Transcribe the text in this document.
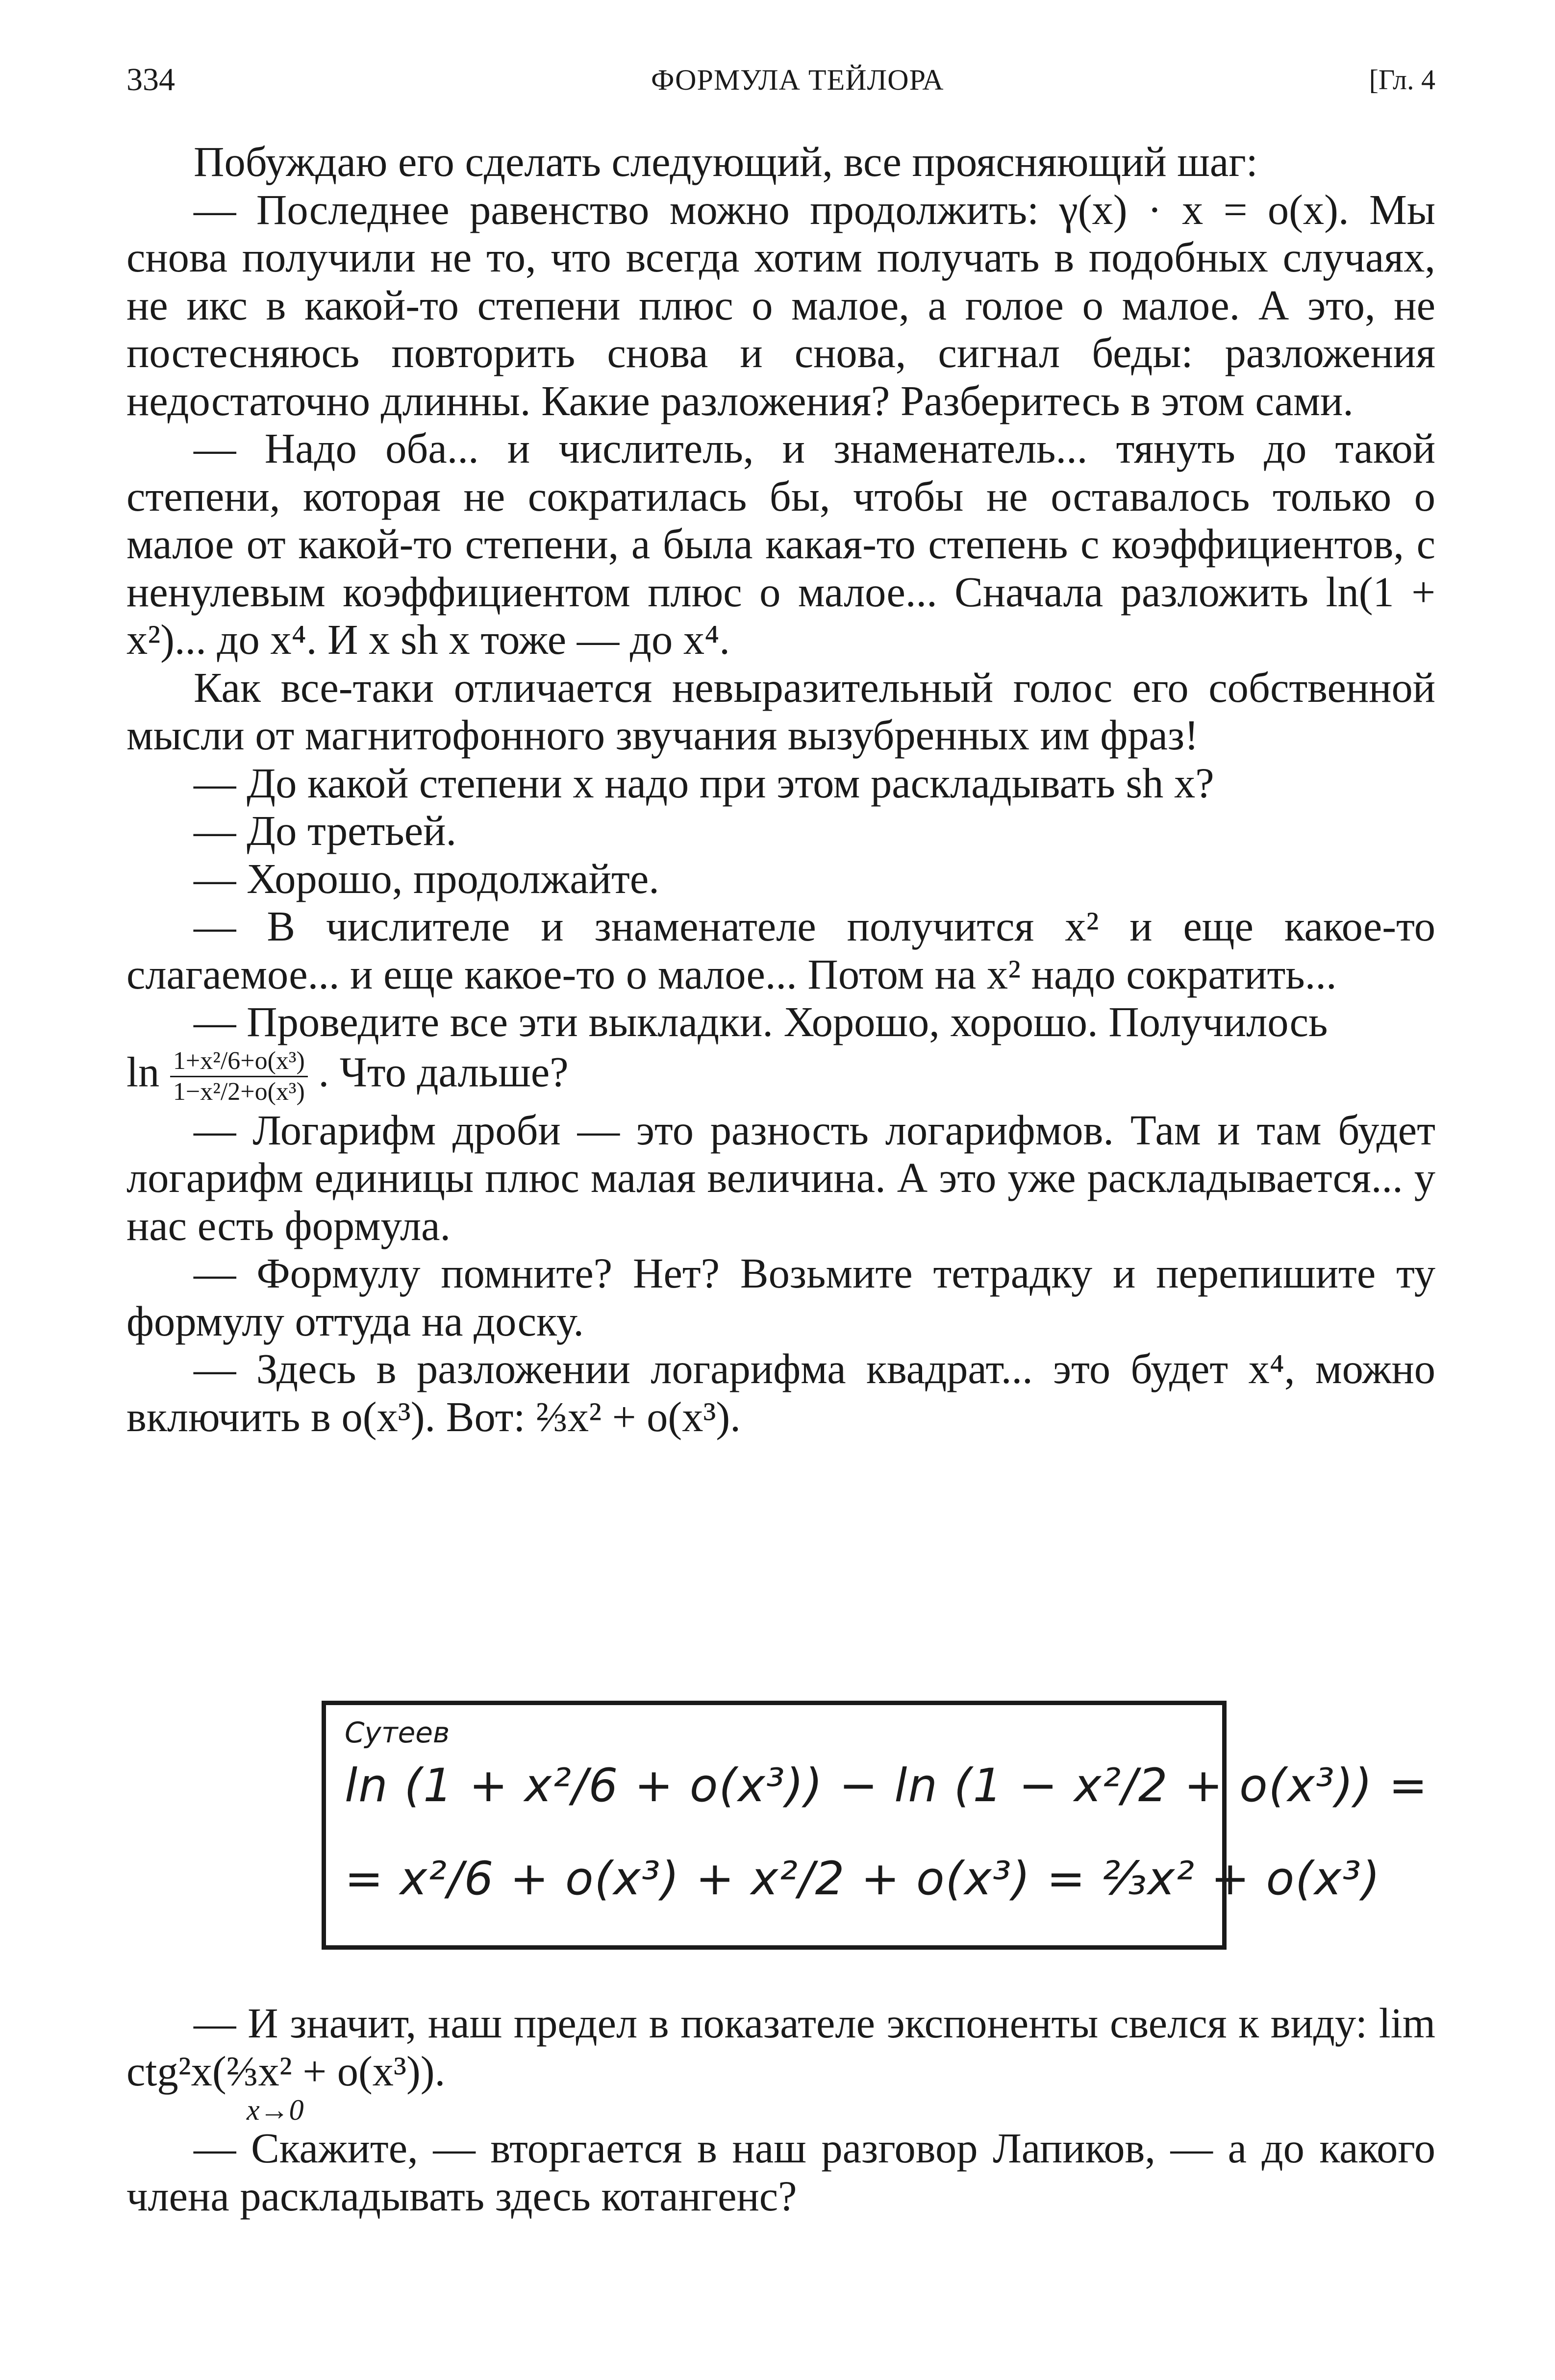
334	ФОРМУЛА ТЕЙЛОРА	[Гл. 4

Побуждаю его сделать следующий, все проясняющий шаг:

— Последнее равенство можно продолжить: γ(x) · x = o(x). Мы снова получили не то, что всегда хотим получать в подобных случаях, не икс в какой-то степени плюс o малое, а голое o малое. А это, не постесняюсь повторить снова и снова, сигнал беды: разложения недостаточно длинны. Какие разложения? Разберитесь в этом сами.

— Надо оба... и числитель, и знаменатель... тянуть до такой степени, которая не сократилась бы, чтобы не оставалось только o малое от какой-то степени, а была какая-то степень с коэффициентов, с ненулевым коэффициентом плюс o малое... Сначала разложить ln(1 + x²)... до x⁴. И x sh x тоже — до x⁴.

Как все-таки отличается невыразительный голос его собственной мысли от магнитофонного звучания вызубренных им фраз!

— До какой степени x надо при этом раскладывать sh x?

— До третьей.

— Хорошо, продолжайте.

— В числителе и знаменателе получится x² и еще какое-то слагаемое... и еще какое-то o малое... Потом на x² надо сократить...

— Проведите все эти выкладки. Хорошо, хорошо. Получилось

$\ln \frac{\text{1+x²/6+o(x³)}}{\text{1−x²/2+o(x³)}}$ . Что дальше?

— Логарифм дроби — это разность логарифмов. Там и там будет логарифм единицы плюс малая величина. А это уже раскладывается... у нас есть формула.

— Формулу помните? Нет? Возьмите тетрадку и перепишите ту формулу оттуда на доску.

— Здесь в разложении логарифма квадрат... это будет x⁴, можно включить в o(x³). Вот: ⅔x² + o(x³).

Сутеев
ln (1 + x²/6 + o(x³)) − ln (1 − x²/2 + o(x³)) =
= x²/6 + o(x³) + x²/2 + o(x³) = ⅔x² + o(x³)

— И значит, наш предел в показателе экспоненты свелся к виду: lim ctg²x(⅔x² + o(x³)).

x→0

— Скажите, — вторгается в наш разговор Лапиков, — а до какого члена раскладывать здесь котангенс?
